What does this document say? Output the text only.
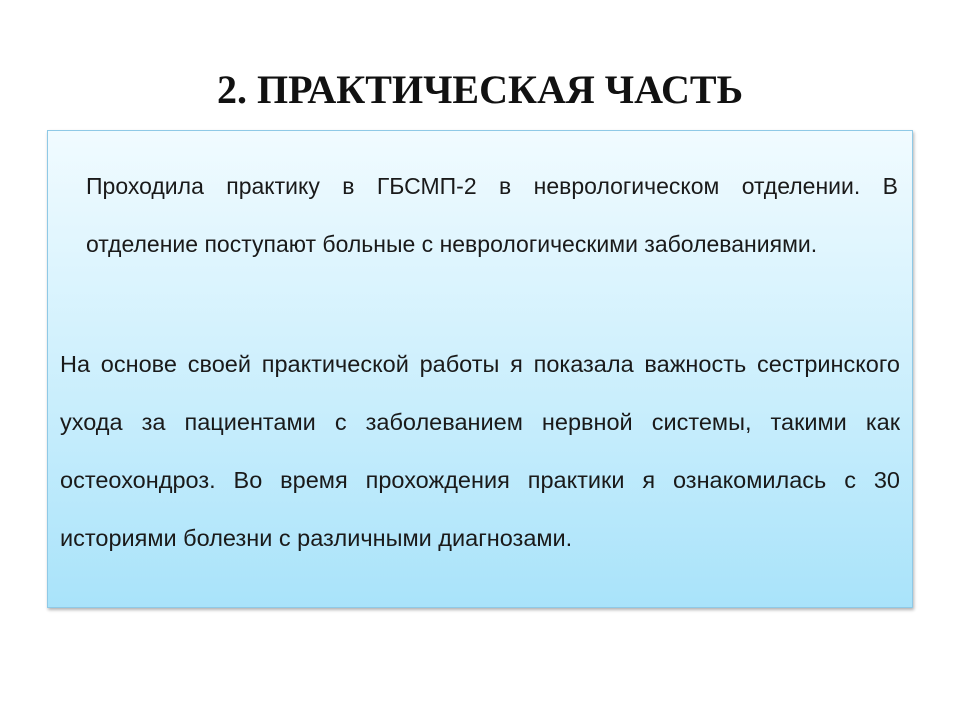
2. ПРАКТИЧЕСКАЯ ЧАСТЬ

Проходила практику в ГБСМП-2 в неврологическом отделении. В отделение поступают больные с неврологическими заболеваниями.

На основе своей практической работы я показала важность сестринского ухода за пациентами с заболеванием нервной системы, такими как остеохондроз. Во время прохождения практики я ознакомилась с 30 историями болезни с различными диагнозами.
